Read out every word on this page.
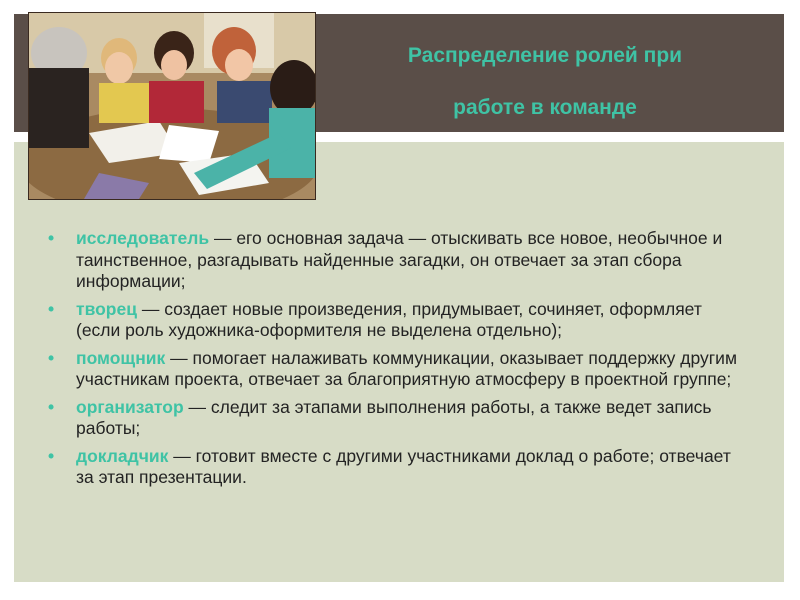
Распределение ролей при
работе в команде
• исследователь — его основная задача — отыскивать все новое, необычное и таинственное, разгадывать найденные загадки, он отвечает за этап сбора информации;
• творец — создает новые произведения, придумывает, сочиняет, оформляет (если роль художника-оформителя не выделена отдельно);
• помощник — помогает налаживать коммуникации, оказывает поддержку другим участникам проекта, отвечает за благоприятную атмосферу в проектной группе;
• организатор — следит за этапами выполнения работы, а также ведет запись работы;
• докладчик — готовит вместе с другими участниками доклад о работе; отвечает за этап презентации.
